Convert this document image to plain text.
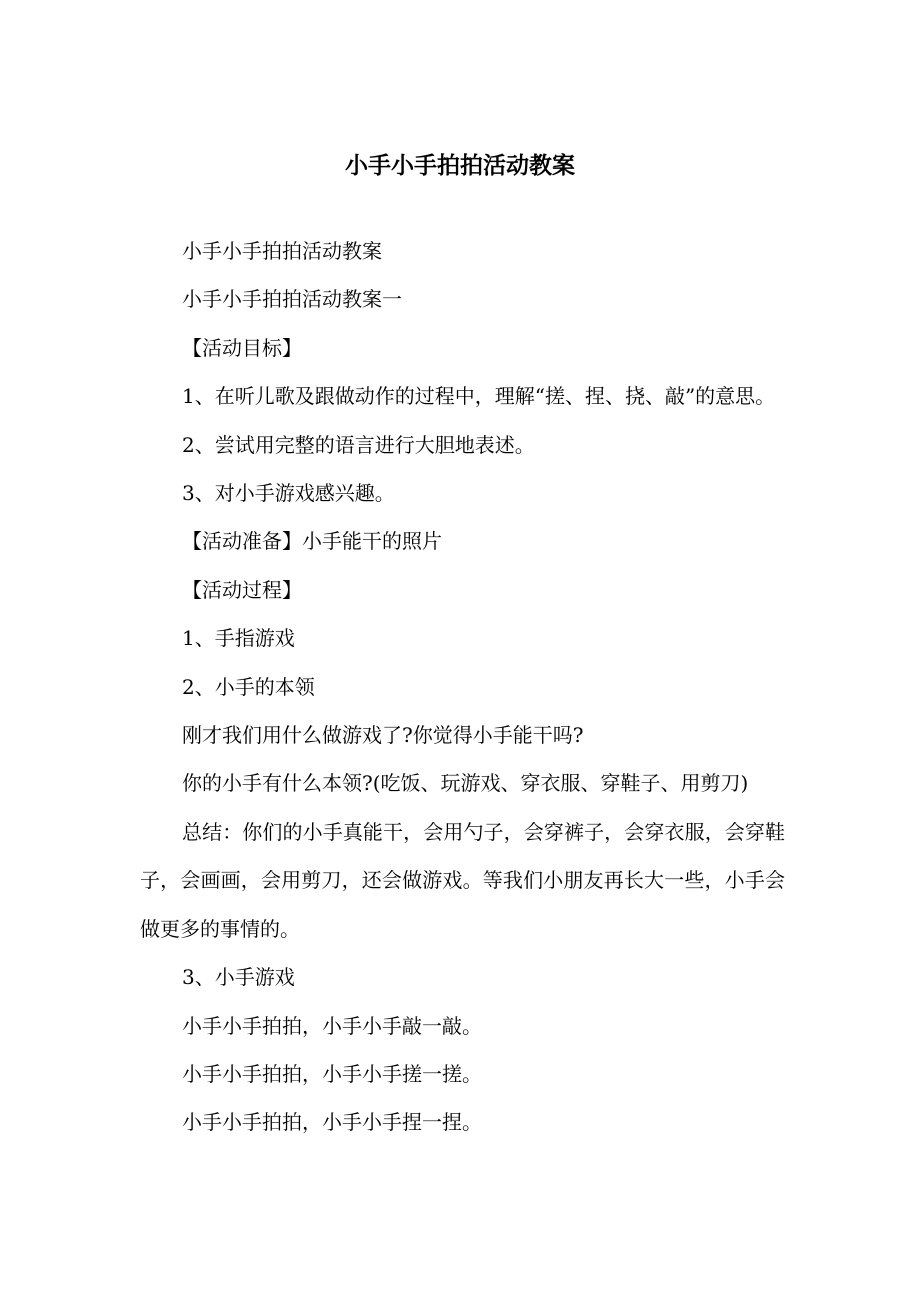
小手小手拍拍活动教案

小手小手拍拍活动教案

小手小手拍拍活动教案一

【活动目标】

1、在听儿歌及跟做动作的过程中，理解“搓、捏、挠、敲”的意思。

2、尝试用完整的语言进行大胆地表述。

3、对小手游戏感兴趣。

【活动准备】小手能干的照片

【活动过程】

1、手指游戏

2、小手的本领

刚才我们用什么做游戏了?你觉得小手能干吗?

你的小手有什么本领?(吃饭、玩游戏、穿衣服、穿鞋子、用剪刀)

总结：你们的小手真能干，会用勺子，会穿裤子，会穿衣服，会穿鞋子，会画画，会用剪刀，还会做游戏。等我们小朋友再长大一些，小手会做更多的事情的。

3、小手游戏

小手小手拍拍，小手小手敲一敲。

小手小手拍拍，小手小手搓一搓。

小手小手拍拍，小手小手捏一捏。
